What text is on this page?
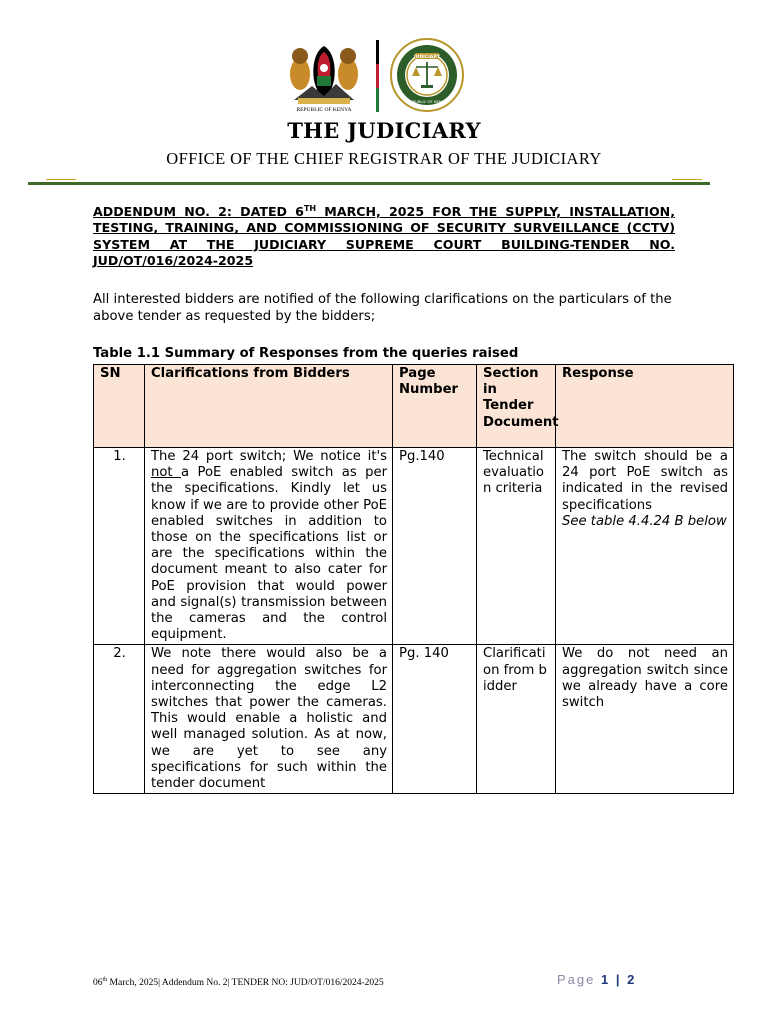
REPUBLIC OF KENYA
JUDICIARY
REPUBLIC OF KENYA
THE JUDICIARY
OFFICE OF THE CHIEF REGISTRAR OF THE JUDICIARY
ADDENDUM NO. 2: DATED 6TH MARCH, 2025 FOR THE SUPPLY, INSTALLATION, TESTING, TRAINING, AND COMMISSIONING OF SECURITY SURVEILLANCE (CCTV) SYSTEM AT THE JUDICIARY SUPREME COURT BUILDING-TENDER NO. JUD/OT/016/2024-2025
All interested bidders are notified of the following clarifications on the particulars of the above tender as requested by the bidders;
Table 1.1 Summary of Responses from the queries raised
SN	Clarifications from Bidders	Page Number	Section in Tender Document	Response
1.	The 24 port switch; We notice it's not a PoE enabled switch as per the specifications. Kindly let us know if we are to provide other PoE enabled switches in addition to those on the specifications list or are the specifications within the document meant to also cater for PoE provision that would power and signal(s) transmission between the cameras and the control equipment.	Pg.140	Technical evaluation criteria	The switch should be a 24 port PoE switch as indicated in the revised specifications
See table 4.4.24 B below
2.	We note there would also be a need for aggregation switches for interconnecting the edge L2 switches that power the cameras. This would enable a holistic and well managed solution. As at now, we are yet to see any specifications for such within the tender document	Pg. 140	Clarification from bidder	We do not need an aggregation switch since we already have a core switch
06th March, 2025| Addendum No. 2| TENDER NO: JUD/OT/016/2024-2025	Page 1 | 2
